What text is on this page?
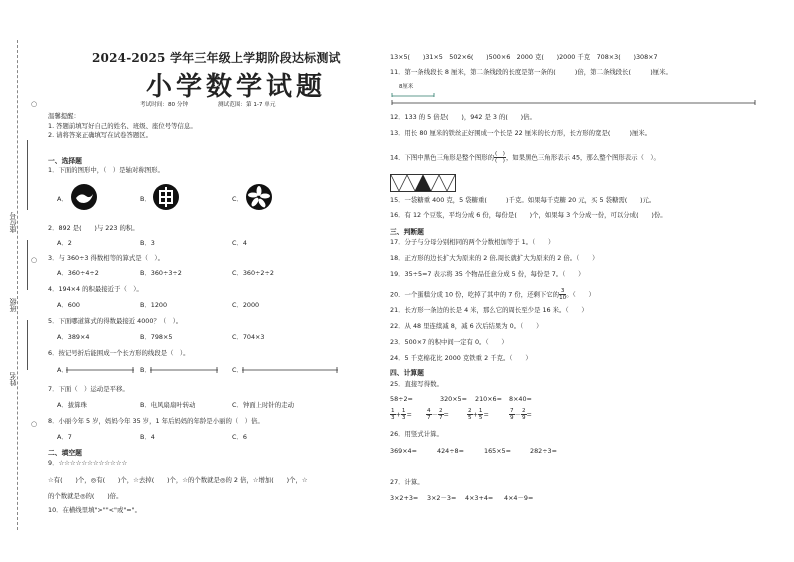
座位号
班级
姓名
○
○
○
2024-2025 学年三年级上学期阶段达标测试
小学数学试题
考试时间：80 分钟	测试范围：第 1-7 单元
温馨提醒：
1. 答题前填写好自己的姓名、班级、座位号等信息。
2. 请将答案正确填写在试卷答题区。
一、选择题
1．下面的图形中，（　）是轴对称图形。
A．	B．	C．
2．892 是(　　)与 223 的积。
A．2	B．3	C．4
3．与 360÷3 得数相等的算式是（　）。
A．360÷4÷2	B．360÷3÷2	C．360÷2÷2
4．194×4 的积最接近于（　）。
A．600	B．1200	C．2000
5．下面哪道算式的得数最接近 4000？（　）。
A．389×4	B．798×5	C．704×3
6．按记号折后能围成一个长方形的线段是（　）。
A．	B．	C．
7．下面（　）运动是平移。
A．拔算珠	B．电风扇扇叶转动	C．钟面上时针的走动
8．小丽今年 5 岁，妈妈今年 35 岁，1 年后妈妈的年龄是小丽的（　）倍。
A．7	B．4	C．6
二、填空题
9．☆☆☆☆☆☆☆☆☆☆☆☆
☆有(　　)个，◎有(　　)个，☆去掉(　　)个，☆的个数就是◎的 2 倍，☆增加(　　)个，☆
的个数就是◎的(　　)倍。
10．在横线里填">""<"或"="。
13×5(　　)31×5　502×6(　　)500×6　2000 克(　　)2000 千克　708×3(　　)308×7
11．第一条线段长 8 厘米，第二条线段的长度是第一条的(　　　)倍，第二条线段长(　　　)厘米。
8厘米
12．133 的 5 倍是(　　)，942 是 3 的(　　)倍。
13．用长 80 厘米的铁丝正好围成一个长是 22 厘米的长方形，长方形的宽是(　　　)厘米。
14．下图中黑色三角形是整个图形的 $\frac{( )}{( )}$ ，如果黑色三角形表示 45，那么整个图形表示（　）。
15．一袋糖重 400 克，5 袋糖重(　　　)千克。如果每千克糖 20 元，买 5 袋糖需(　　)元。
16．有 12 个豆浆，平均分成 6 份，每份是(　　)个，如果每 3 个分成一份，可以分成(　　)份。
三、判断题
17．分子与分母分别相同的两个分数相加等于 1。（　　）
18．正方形的边长扩大为原来的 2 倍,周长就扩大为原来的 2 倍。（　　）
19．35÷5=7 表示将 35 个物品任意分成 5 份，每份是 7。（　　）
20．一个蛋糕分成 10 份，吃掉了其中的 7 份，还剩下它的 $\frac{3}{10}$ 。（　　）
21．长方形一条边的长是 4 米，那么它的周长至少是 16 米。（　　）
22．从 48 里连续减 8，减 6 次后结果为 0。（　　）
23．500×7 的积中间一定有 0。（　　）
24．5 千克棉花比 2000 克铁重 2 千克。（　　）
四、计算题
25．直接写得数。
58÷2=	320×5= 210×6= 8×40=
$\frac{1}{3} + \frac{1}{3}$ =	$\frac{4}{7} - \frac{2}{7}$ =	$\frac{2}{5} + \frac{1}{5}$ =	$\frac{7}{9} - \frac{2}{9}$ =
26．用竖式计算。
369×4=	424÷8=	165×5=	282÷3=
27．计算。
3×2+3= 3×2－3= 4×3+4= 4×4－9=
